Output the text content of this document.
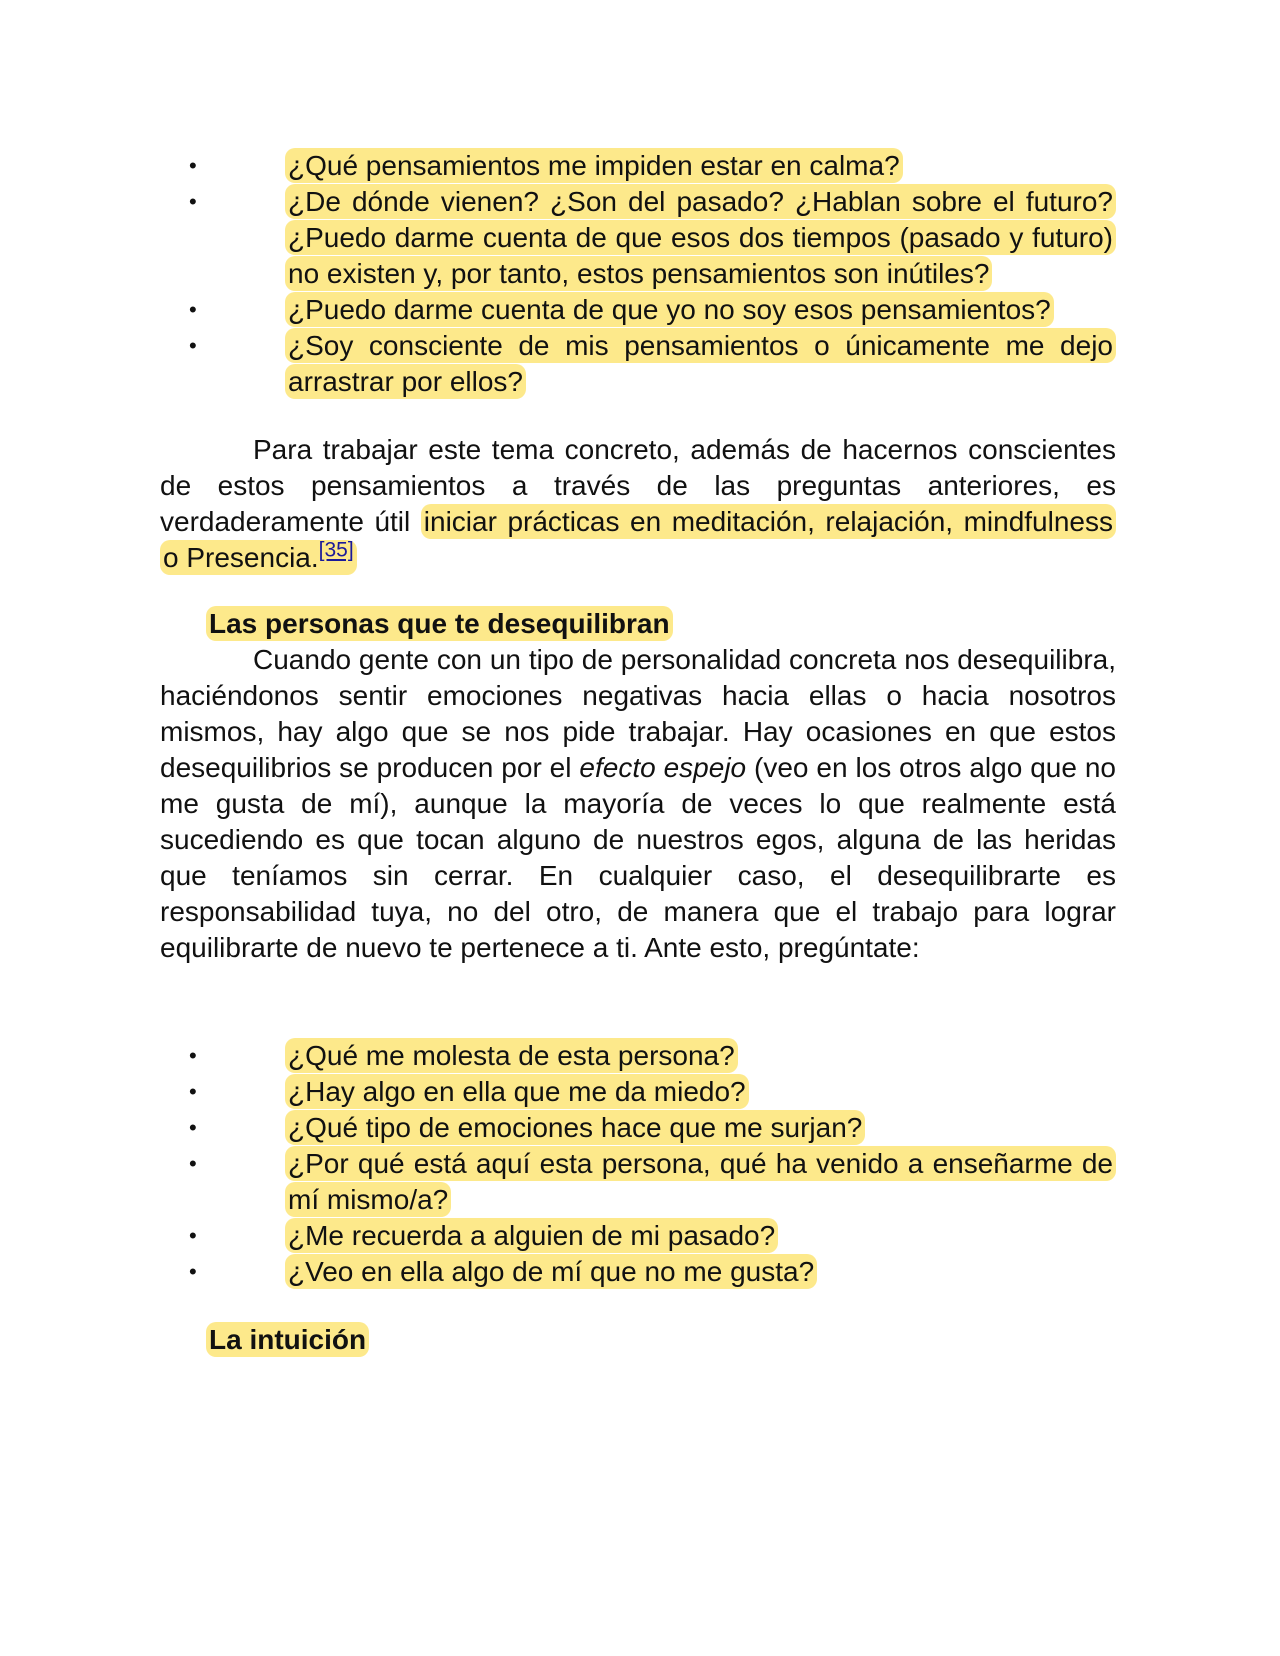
•	¿Qué pensamientos me impiden estar en calma?
•	¿De dónde vienen? ¿Son del pasado? ¿Hablan sobre el futuro? ¿Puedo darme cuenta de que esos dos tiempos (pasado y futuro) no existen y, por tanto, estos pensamientos son inútiles?
•	¿Puedo darme cuenta de que yo no soy esos pensamientos?
•	¿Soy consciente de mis pensamientos o únicamente me dejo arrastrar por ellos?

Para trabajar este tema concreto, además de hacernos conscientes de estos pensamientos a través de las preguntas anteriores, es verdaderamente útil iniciar prácticas en meditación, relajación, mindfulness o Presencia.[35]

Las personas que te desequilibran

Cuando gente con un tipo de personalidad concreta nos desequilibra, haciéndonos sentir emociones negativas hacia ellas o hacia nosotros mismos, hay algo que se nos pide trabajar. Hay ocasiones en que estos desequilibrios se producen por el efecto espejo (veo en los otros algo que no me gusta de mí), aunque la mayoría de veces lo que realmente está sucediendo es que tocan alguno de nuestros egos, alguna de las heridas que teníamos sin cerrar. En cualquier caso, el desequilibrarte es responsabilidad tuya, no del otro, de manera que el trabajo para lograr equilibrarte de nuevo te pertenece a ti. Ante esto, pregúntate:

•	¿Qué me molesta de esta persona?
•	¿Hay algo en ella que me da miedo?
•	¿Qué tipo de emociones hace que me surjan?
•	¿Por qué está aquí esta persona, qué ha venido a enseñarme de mí mismo/a?
•	¿Me recuerda a alguien de mi pasado?
•	¿Veo en ella algo de mí que no me gusta?
La intuición
